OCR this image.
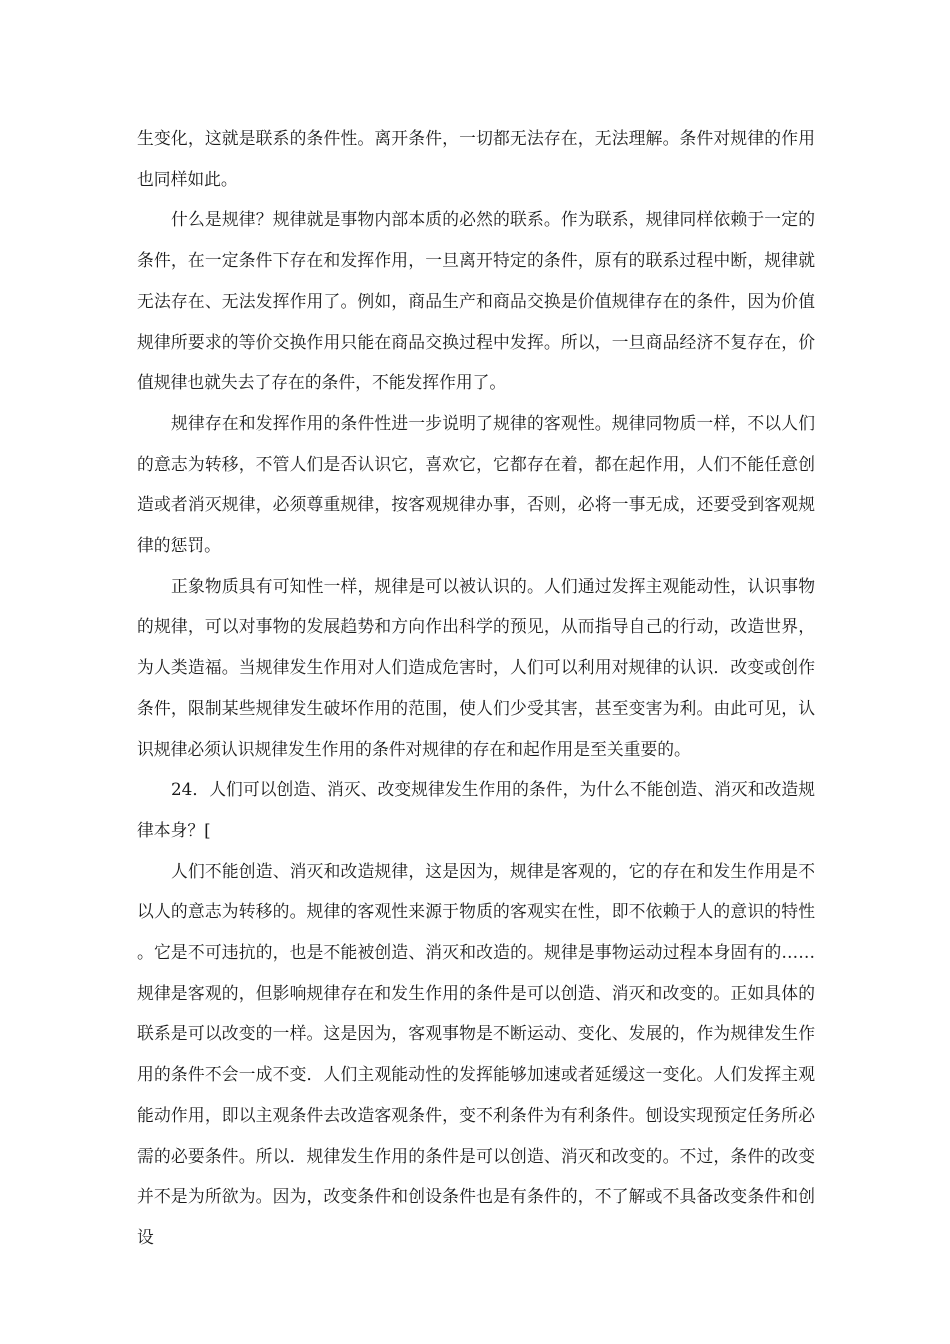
生变化，这就是联系的条件性。离开条件，一切都无法存在，无法理解。条件对规律的作用也同样如此。

什么是规律？规律就是事物内部本质的必然的联系。作为联系，规律同样依赖于一定的条件，在一定条件下存在和发挥作用，一旦离开特定的条件，原有的联系过程中断，规律就无法存在、无法发挥作用了。例如，商品生产和商品交换是价值规律存在的条件，因为价值规律所要求的等价交换作用只能在商品交换过程中发挥。所以，一旦商品经济不复存在，价值规律也就失去了存在的条件，不能发挥作用了。

规律存在和发挥作用的条件性进一步说明了规律的客观性。规律同物质一样，不以人们的意志为转移，不管人们是否认识它，喜欢它，它都存在着，都在起作用，人们不能任意创造或者消灭规律，必须尊重规律，按客观规律办事，否则，必将一事无成，还要受到客观规律的惩罚。

正象物质具有可知性一样，规律是可以被认识的。人们通过发挥主观能动性，认识事物的规律，可以对事物的发展趋势和方向作出科学的预见，从而指导自己的行动，改造世界，为人类造福。当规律发生作用对人们造成危害时，人们可以利用对规律的认识．改变或创作条件，限制某些规律发生破坏作用的范围，使人们少受其害，甚至变害为利。由此可见，认识规律必须认识规律发生作用的条件对规律的存在和起作用是至关重要的。

24．人们可以创造、消灭、改变规律发生作用的条件，为什么不能创造、消灭和改造规律本身？[

人们不能创造、消灭和改造规律，这是因为，规律是客观的，它的存在和发生作用是不以人的意志为转移的。规律的客观性来源于物质的客观实在性，即不依赖于人的意识的特性。它是不可违抗的，也是不能被创造、消灭和改造的。规律是事物运动过程本身固有的……规律是客观的，但影响规律存在和发生作用的条件是可以创造、消灭和改变的。正如具体的联系是可以改变的一样。这是因为，客观事物是不断运动、变化、发展的，作为规律发生作用的条件不会一成不变．人们主观能动性的发挥能够加速或者延缓这一变化。人们发挥主观能动作用，即以主观条件去改造客观条件，变不利条件为有利条件。刨设实现预定任务所必需的必要条件。所以．规律发生作用的条件是可以创造、消灭和改变的。不过，条件的改变并不是为所欲为。因为，改变条件和创设条件也是有条件的，不了解或不具备改变条件和创设
